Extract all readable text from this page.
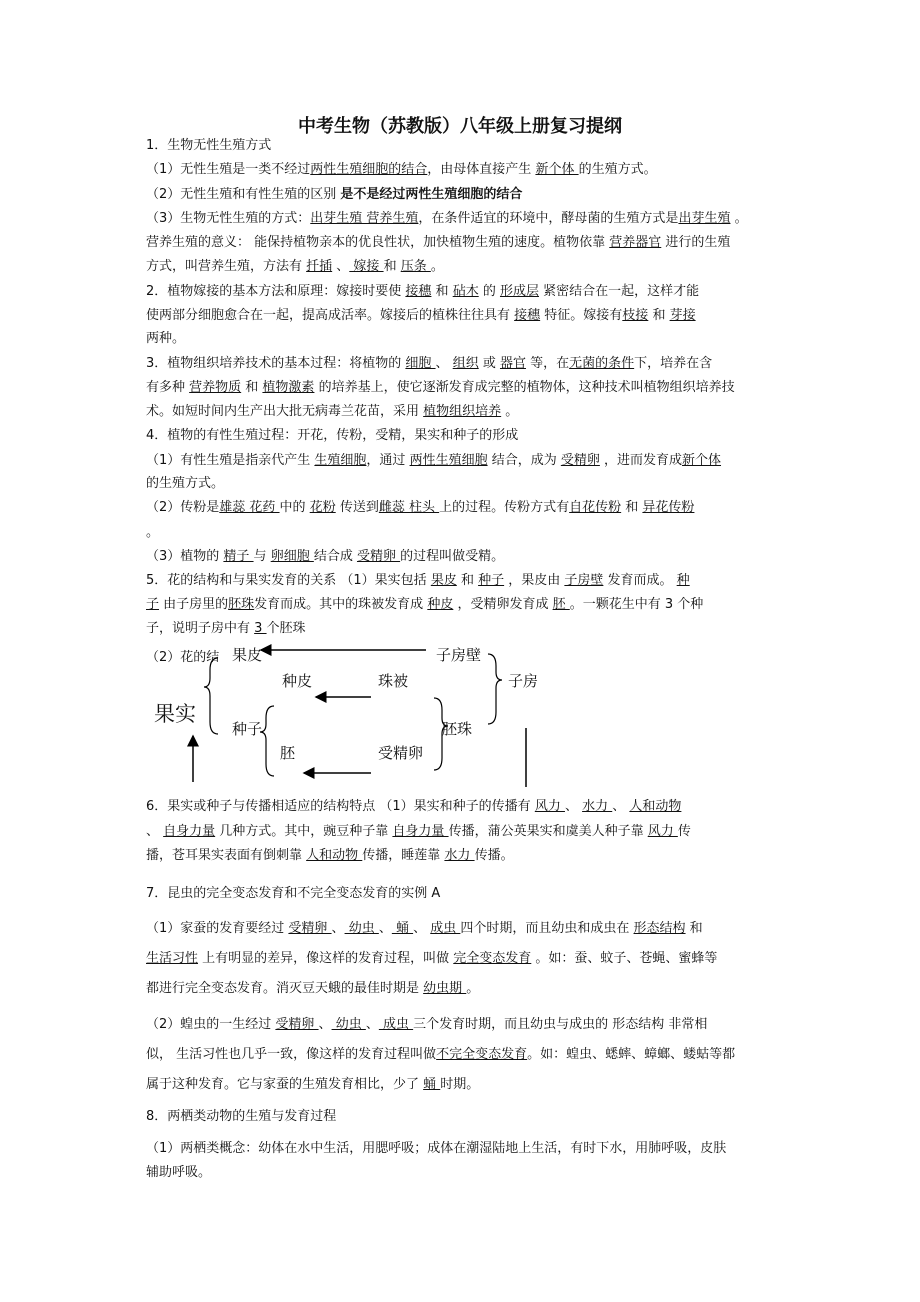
中考生物（苏教版）八年级上册复习提纲
1．生物无性生殖方式
（1）无性生殖是一类不经过两性生殖细胞的结合，由母体直接产生 新个体 的生殖方式。
（2）无性生殖和有性生殖的区别 是不是经过两性生殖细胞的结合
（3）生物无性生殖的方式：出芽生殖 营养生殖，在条件适宜的环境中，酵母菌的生殖方式是出芽生殖 。
营养生殖的意义： 能保持植物亲本的优良性状，加快植物生殖的速度。植物依靠 营养器官 进行的生殖
方式，叫营养生殖，方法有 扦插 、 嫁接 和 压条 。
2．植物嫁接的基本方法和原理：嫁接时要使 接穗 和 砧木 的 形成层 紧密结合在一起，这样才能
使两部分细胞愈合在一起，提高成活率。嫁接后的植株往往具有 接穗 特征。嫁接有枝接 和 芽接
两种。
3．植物组织培养技术的基本过程：将植物的 细胞 、 组织 或 器官 等，在无菌的条件下，培养在含
有多种 营养物质 和 植物激素 的培养基上，使它逐渐发育成完整的植物体，这种技术叫植物组织培养技
术。如短时间内生产出大批无病毒兰花苗，采用 植物组织培养 。
4．植物的有性生殖过程：开花，传粉，受精，果实和种子的形成
（1）有性生殖是指亲代产生 生殖细胞，通过 两性生殖细胞 结合，成为 受精卵 ，进而发育成新个体
的生殖方式。
（2）传粉是雄蕊 花药 中的 花粉 传送到雌蕊 柱头 上的过程。传粉方式有自花传粉 和 异花传粉
。
（3）植物的 精子 与 卵细胞 结合成 受精卵 的过程叫做受精。
5．花的结构和与果实发育的关系 （1）果实包括 果皮 和 种子 ，果皮由 子房壁 发育而成。 种
子 由子房里的胚珠发育而成。其中的珠被发育成 种皮 ，受精卵发育成 胚 。一颗花生中有 3 个种
子，说明子房中有 3 个胚珠
6．果实或种子与传播相适应的结构特点 （1）果实和种子的传播有 风力 、 水力 、 人和动物
、 自身力量 几种方式。其中，豌豆种子靠 自身力量 传播，蒲公英果实和虞美人种子靠 风力 传
播，苍耳果实表面有倒刺靠 人和动物 传播，睡莲靠 水力 传播。
7．昆虫的完全变态发育和不完全变态发育的实例 A
（1）家蚕的发育要经过 受精卵 、 幼虫 、 蛹 、 成虫 四个时期，而且幼虫和成虫在 形态结构 和
生活习性 上有明显的差异，像这样的发育过程，叫做 完全变态发育 。如：蚕、蚊子、苍蝇、蜜蜂等
都进行完全变态发育。消灭豆天蛾的最佳时期是 幼虫期 。
（2）蝗虫的一生经过 受精卵 、 幼虫 、 成虫 三个发育时期，而且幼虫与成虫的 形态结构 非常相
似， 生活习性也几乎一致，像这样的发育过程叫做不完全变态发育。如：蝗虫、蟋蟀、蟑螂、蝼蛄等都
属于这种发育。它与家蚕的生殖发育相比，少了 蛹 时期。
8．两栖类动物的生殖与发育过程
（1）两栖类概念：幼体在水中生活，用腮呼吸；成体在潮湿陆地上生活，有时下水，用肺呼吸，皮肤
辅助呼吸。
（2）花的结 果皮	子房壁
种皮	珠被	子房
果实
种子	胚珠
胚	受精卵
